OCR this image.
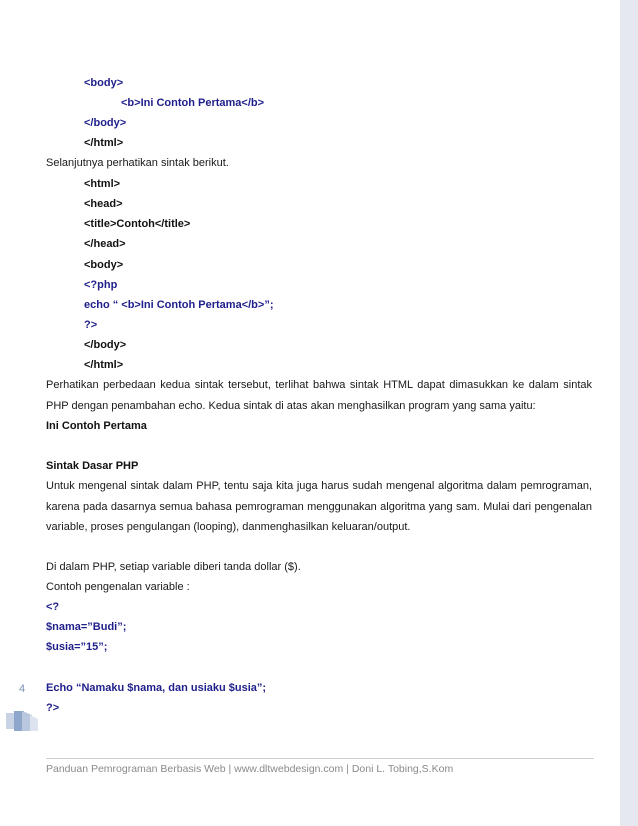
<body>
<b>Ini Contoh Pertama</b>
</body>
</html>
Selanjutnya perhatikan sintak berikut.
<html>
<head>
<title>Contoh</title>
</head>
<body>
<?php
echo “ <b>Ini Contoh Pertama</b>”;
?>
</body>
</html>
Perhatikan perbedaan kedua sintak tersebut, terlihat bahwa sintak HTML dapat dimasukkan ke dalam sintak
PHP dengan penambahan echo. Kedua sintak di atas akan menghasilkan program yang sama yaitu:
Ini Contoh Pertama
Sintak Dasar PHP
Untuk mengenal sintak dalam PHP, tentu saja kita juga harus sudah mengenal algoritma dalam pemrograman,
karena pada dasarnya semua bahasa pemrograman menggunakan algoritma yang sam. Mulai dari pengenalan
variable, proses pengulangan (looping), danmenghasilkan keluaran/output.
Di dalam PHP, setiap variable diberi tanda dollar ($).
Contoh pengenalan variable :
<?
$nama=”Budi”;
$usia=”15”;
Echo “Namaku $nama, dan usiaku $usia”;
?>
4
Panduan Pemrograman Berbasis Web | www.dltwebdesign.com | Doni L. Tobing,S.Kom
